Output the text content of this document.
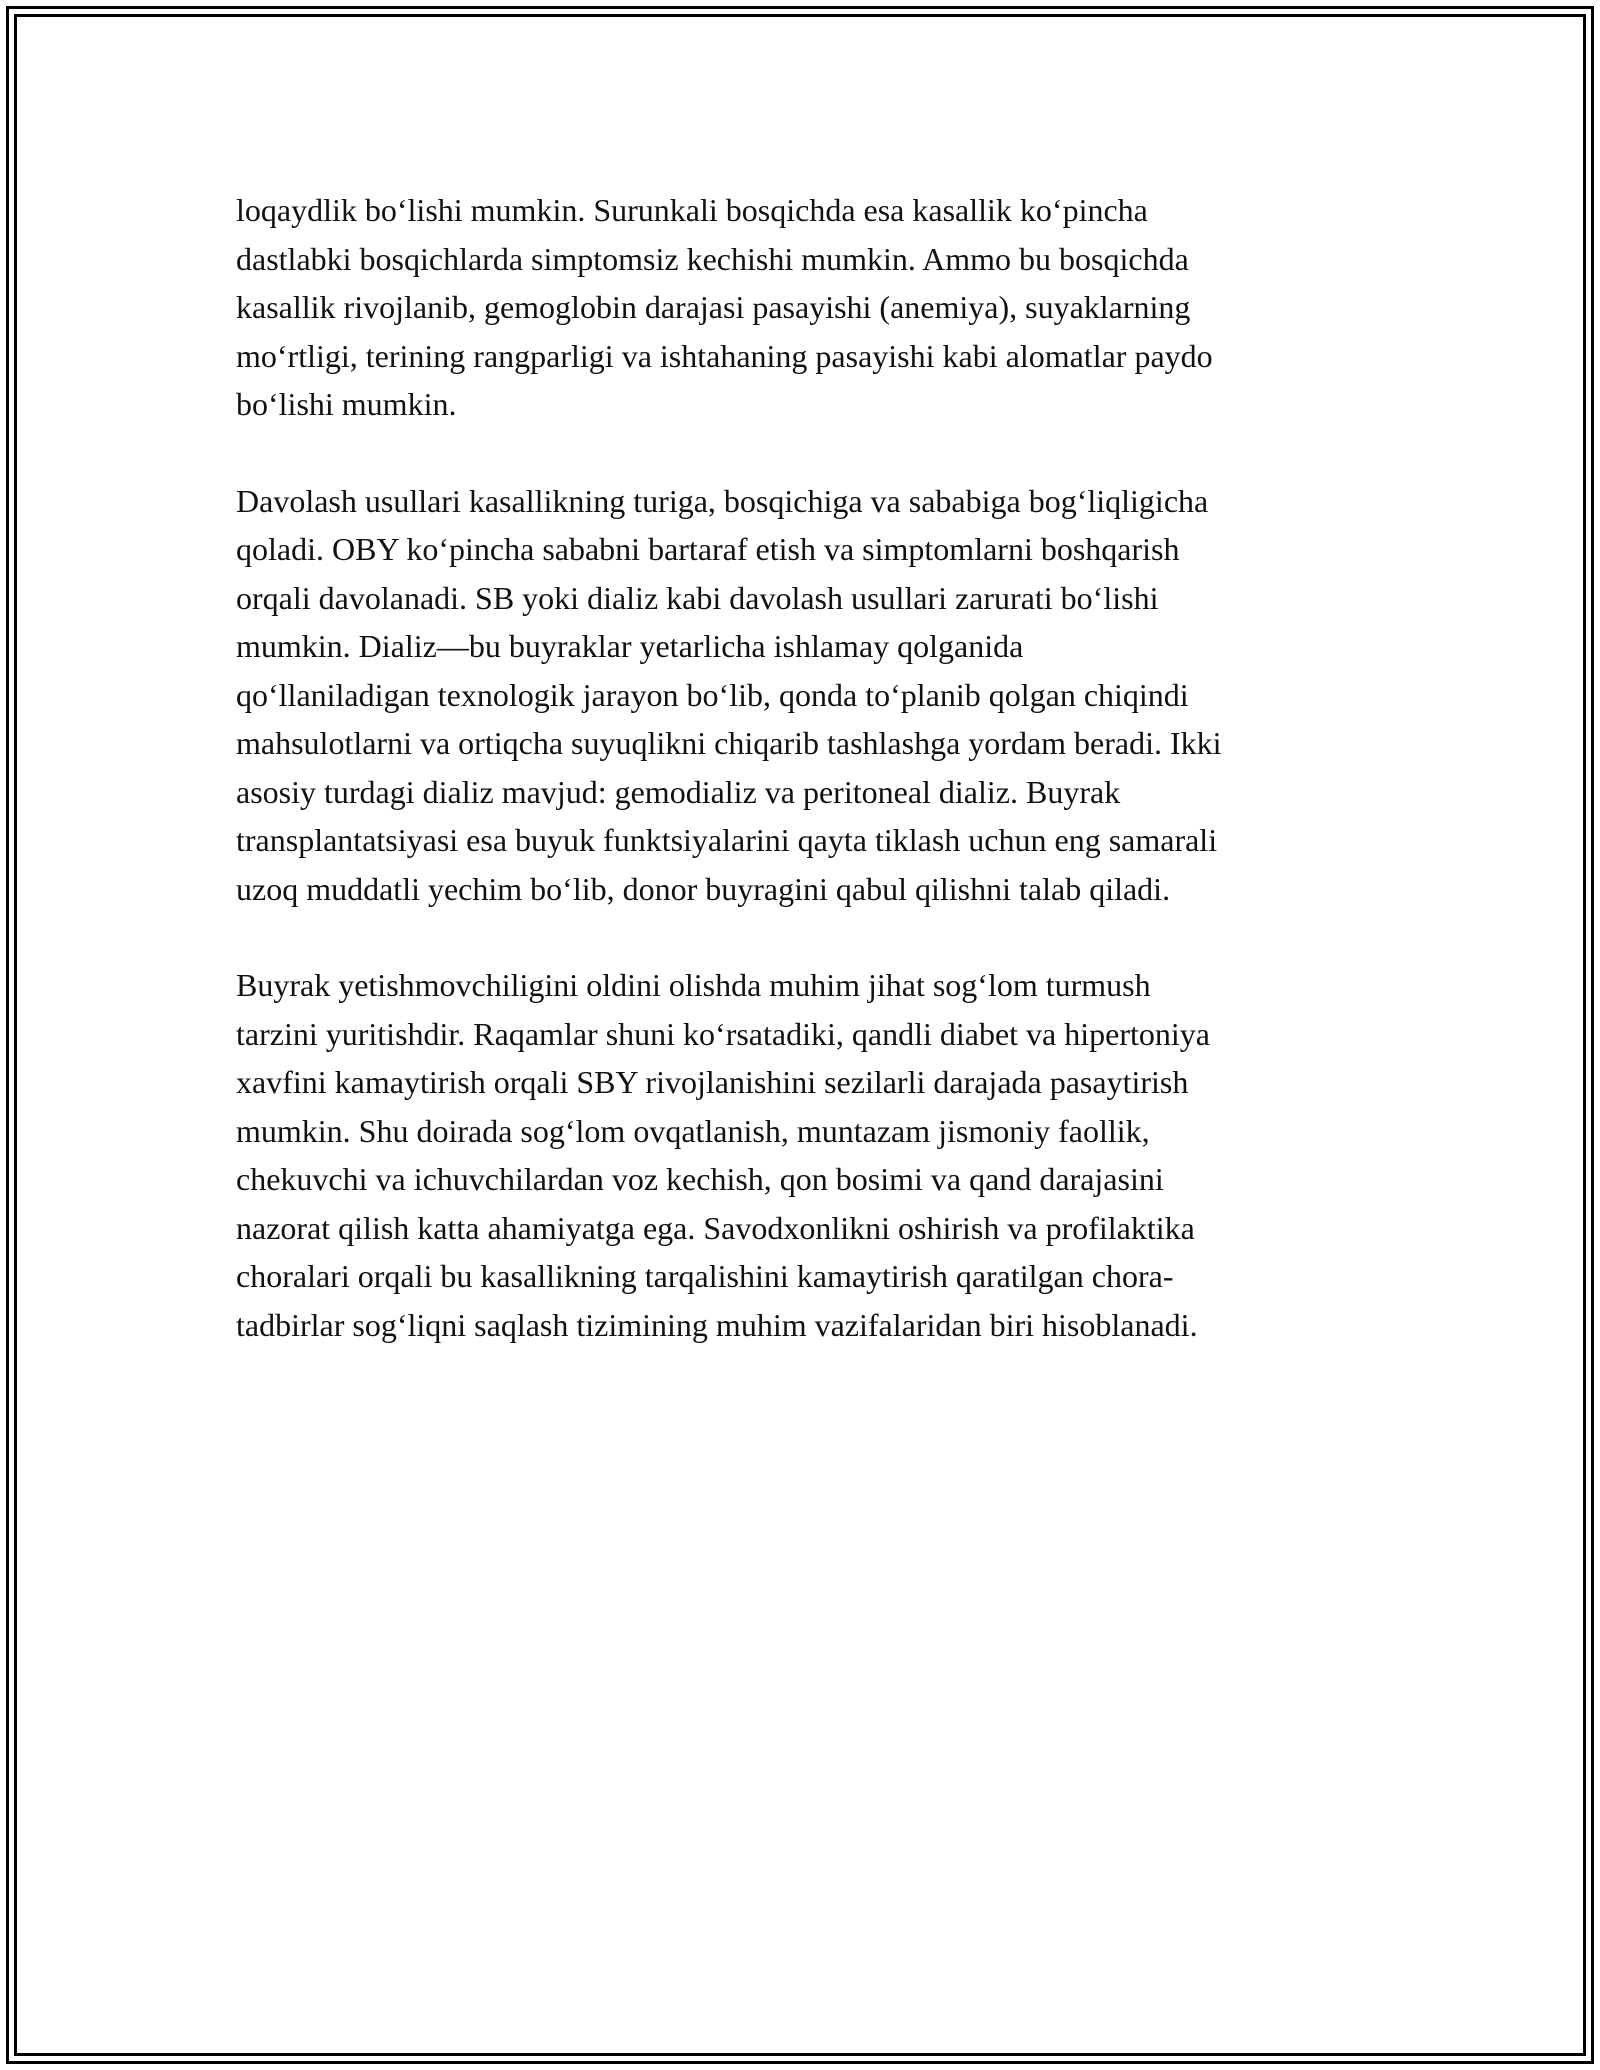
loqaydlik bo‘lishi mumkin. Surunkali bosqichda esa kasallik ko‘pincha
dastlabki bosqichlarda simptomsiz kechishi mumkin. Ammo bu bosqichda
kasallik rivojlanib, gemoglobin darajasi pasayishi (anemiya), suyaklarning
mo‘rtligi, terining rangparligi va ishtahaning pasayishi kabi alomatlar paydo
bo‘lishi mumkin.

Davolash usullari kasallikning turiga, bosqichiga va sababiga bog‘liqligicha
qoladi. OBY ko‘pincha sababni bartaraf etish va simptomlarni boshqarish
orqali davolanadi. SB yoki dializ kabi davolash usullari zarurati bo‘lishi
mumkin. Dializ—bu buyraklar yetarlicha ishlamay qolganida
qo‘llaniladigan texnologik jarayon bo‘lib, qonda to‘planib qolgan chiqindi
mahsulotlarni va ortiqcha suyuqlikni chiqarib tashlashga yordam beradi. Ikki
asosiy turdagi dializ mavjud: gemodializ va peritoneal dializ. Buyrak
transplantatsiyasi esa buyuk funktsiyalarini qayta tiklash uchun eng samarali
uzoq muddatli yechim bo‘lib, donor buyragini qabul qilishni talab qiladi.

Buyrak yetishmovchiligini oldini olishda muhim jihat sog‘lom turmush
tarzini yuritishdir. Raqamlar shuni ko‘rsatadiki, qandli diabet va hipertoniya
xavfini kamaytirish orqali SBY rivojlanishini sezilarli darajada pasaytirish
mumkin. Shu doirada sog‘lom ovqatlanish, muntazam jismoniy faollik,
chekuvchi va ichuvchilardan voz kechish, qon bosimi va qand darajasini
nazorat qilish katta ahamiyatga ega. Savodxonlikni oshirish va profilaktika
choralari orqali bu kasallikning tarqalishini kamaytirish qaratilgan chora-
tadbirlar sog‘liqni saqlash tizimining muhim vazifalaridan biri hisoblanadi.
